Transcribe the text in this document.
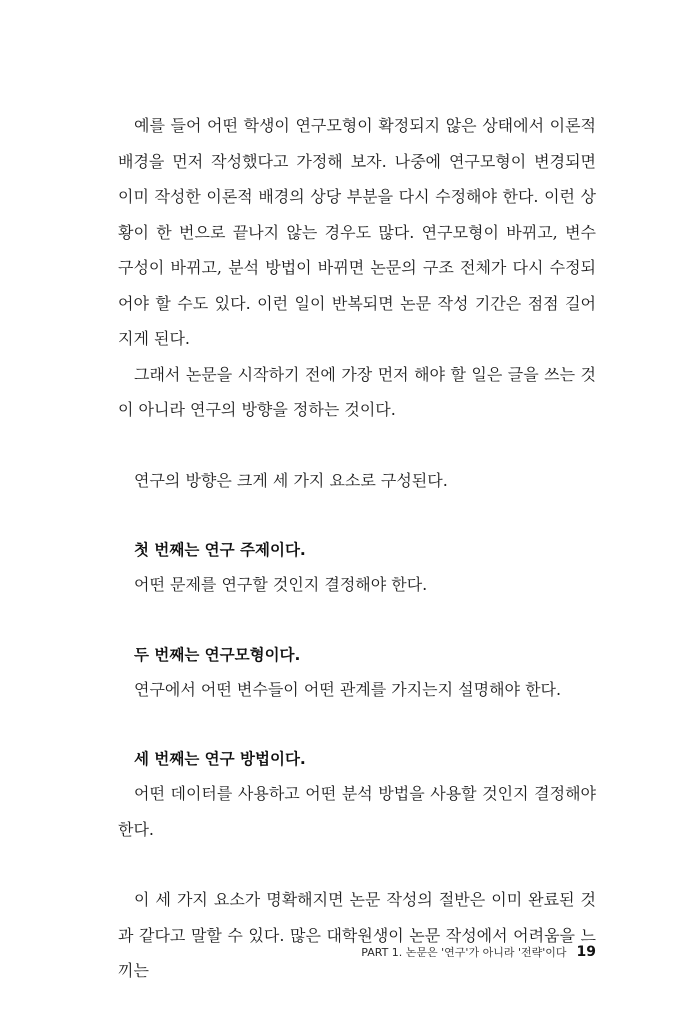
예를 들어 어떤 학생이 연구모형이 확정되지 않은 상태에서 이론적 배경을 먼저 작성했다고 가정해 보자. 나중에 연구모형이 변경되면 이미 작성한 이론적 배경의 상당 부분을 다시 수정해야 한다. 이런 상황이 한 번으로 끝나지 않는 경우도 많다. 연구모형이 바뀌고, 변수 구성이 바뀌고, 분석 방법이 바뀌면 논문의 구조 전체가 다시 수정되어야 할 수도 있다. 이런 일이 반복되면 논문 작성 기간은 점점 길어지게 된다.

그래서 논문을 시작하기 전에 가장 먼저 해야 할 일은 글을 쓰는 것이 아니라 연구의 방향을 정하는 것이다.

연구의 방향은 크게 세 가지 요소로 구성된다.

첫 번째는 연구 주제이다.

어떤 문제를 연구할 것인지 결정해야 한다.

두 번째는 연구모형이다.

연구에서 어떤 변수들이 어떤 관계를 가지는지 설명해야 한다.

세 번째는 연구 방법이다.

어떤 데이터를 사용하고 어떤 분석 방법을 사용할 것인지 결정해야 한다.

이 세 가지 요소가 명확해지면 논문 작성의 절반은 이미 완료된 것과 같다고 말할 수 있다. 많은 대학원생이 논문 작성에서 어려움을 느끼는

PART 1. 논문은 '연구'가 아니라 '전략'이다 19
